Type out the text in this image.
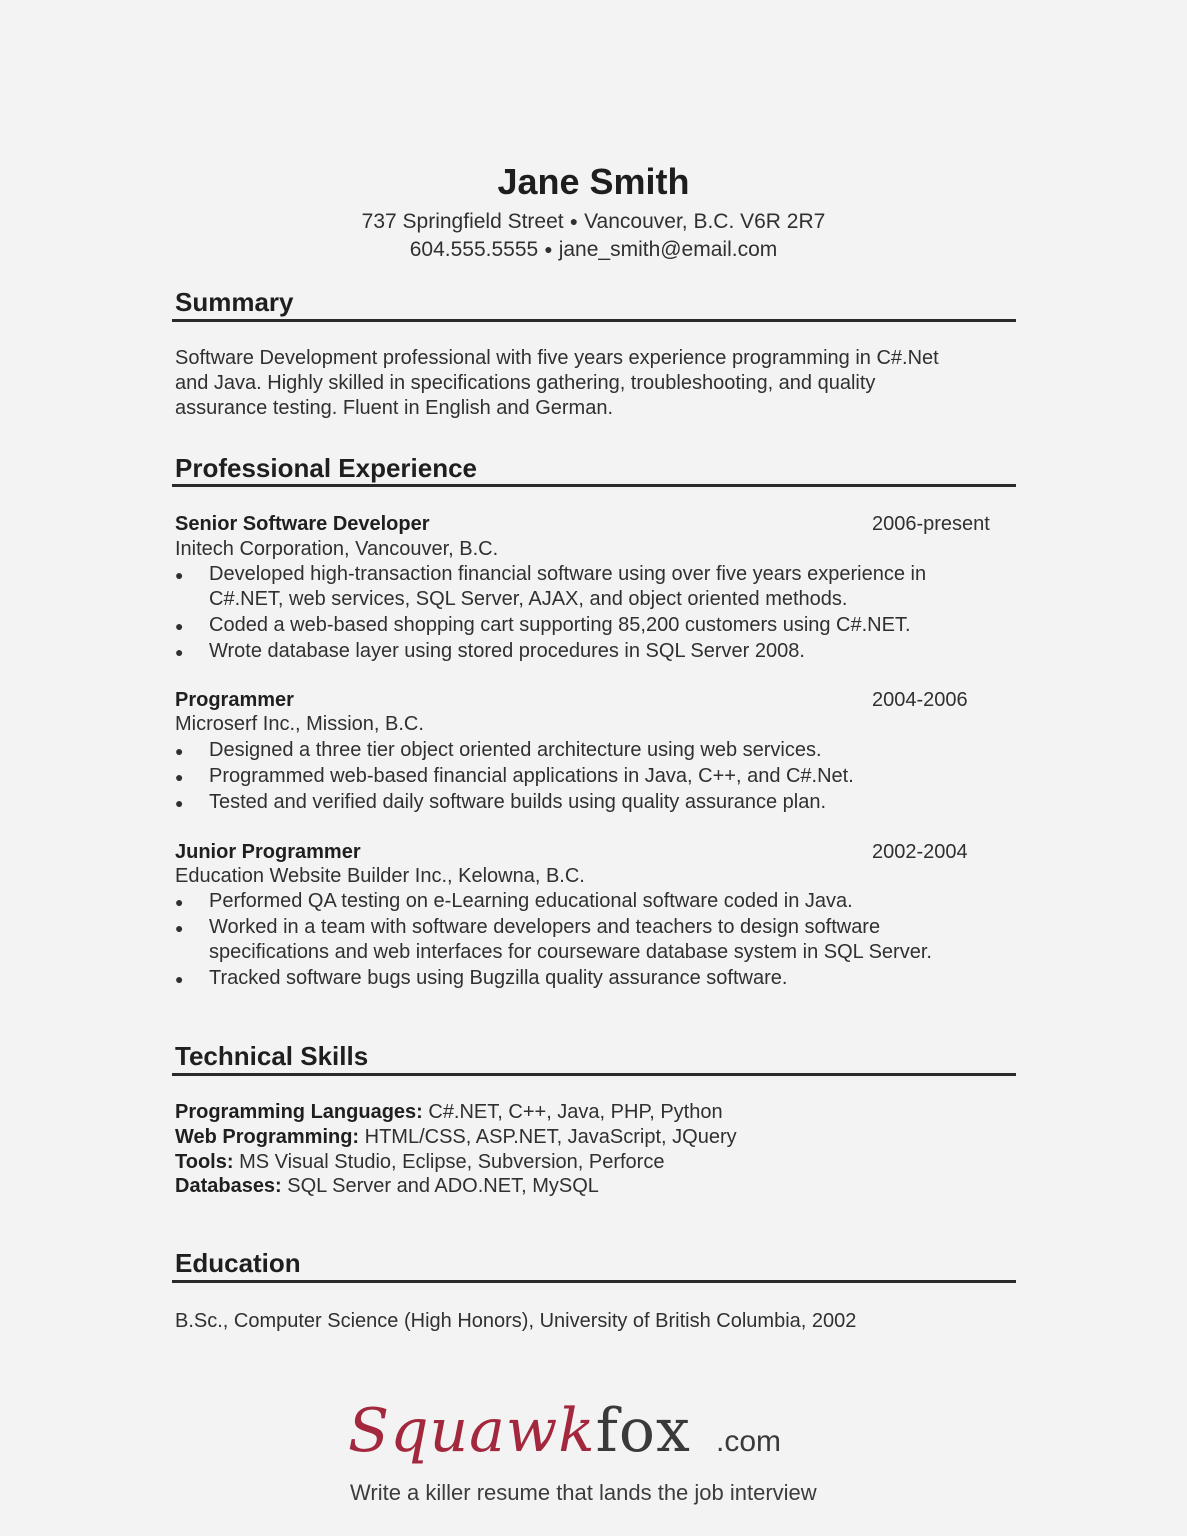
Jane Smith
737 Springfield Street ● Vancouver, B.C. V6R 2R7
604.555.5555 ● jane_smith@email.com
Summary
Software Development professional with five years experience programming in C#.Net
and Java. Highly skilled in specifications gathering, troubleshooting, and quality
assurance testing. Fluent in English and German.
Professional Experience
Senior Software Developer	2006-present
Initech Corporation, Vancouver, B.C.
● Developed high-transaction financial software using over five years experience in
C#.NET, web services, SQL Server, AJAX, and object oriented methods.
● Coded a web-based shopping cart supporting 85,200 customers using C#.NET.
● Wrote database layer using stored procedures in SQL Server 2008.
Programmer	2004-2006
Microserf Inc., Mission, B.C.
● Designed a three tier object oriented architecture using web services.
● Programmed web-based financial applications in Java, C++, and C#.Net.
● Tested and verified daily software builds using quality assurance plan.
Junior Programmer	2002-2004
Education Website Builder Inc., Kelowna, B.C.
● Performed QA testing on e-Learning educational software coded in Java.
● Worked in a team with software developers and teachers to design software
specifications and web interfaces for courseware database system in SQL Server.
● Tracked software bugs using Bugzilla quality assurance software.
Technical Skills
Programming Languages: C#.NET, C++, Java, PHP, Python
Web Programming: HTML/CSS, ASP.NET, JavaScript, JQuery
Tools: MS Visual Studio, Eclipse, Subversion, Perforce
Databases: SQL Server and ADO.NET, MySQL
Education
B.Sc., Computer Science (High Honors), University of British Columbia, 2002
Squawkfox .com
Write a killer resume that lands the job interview
